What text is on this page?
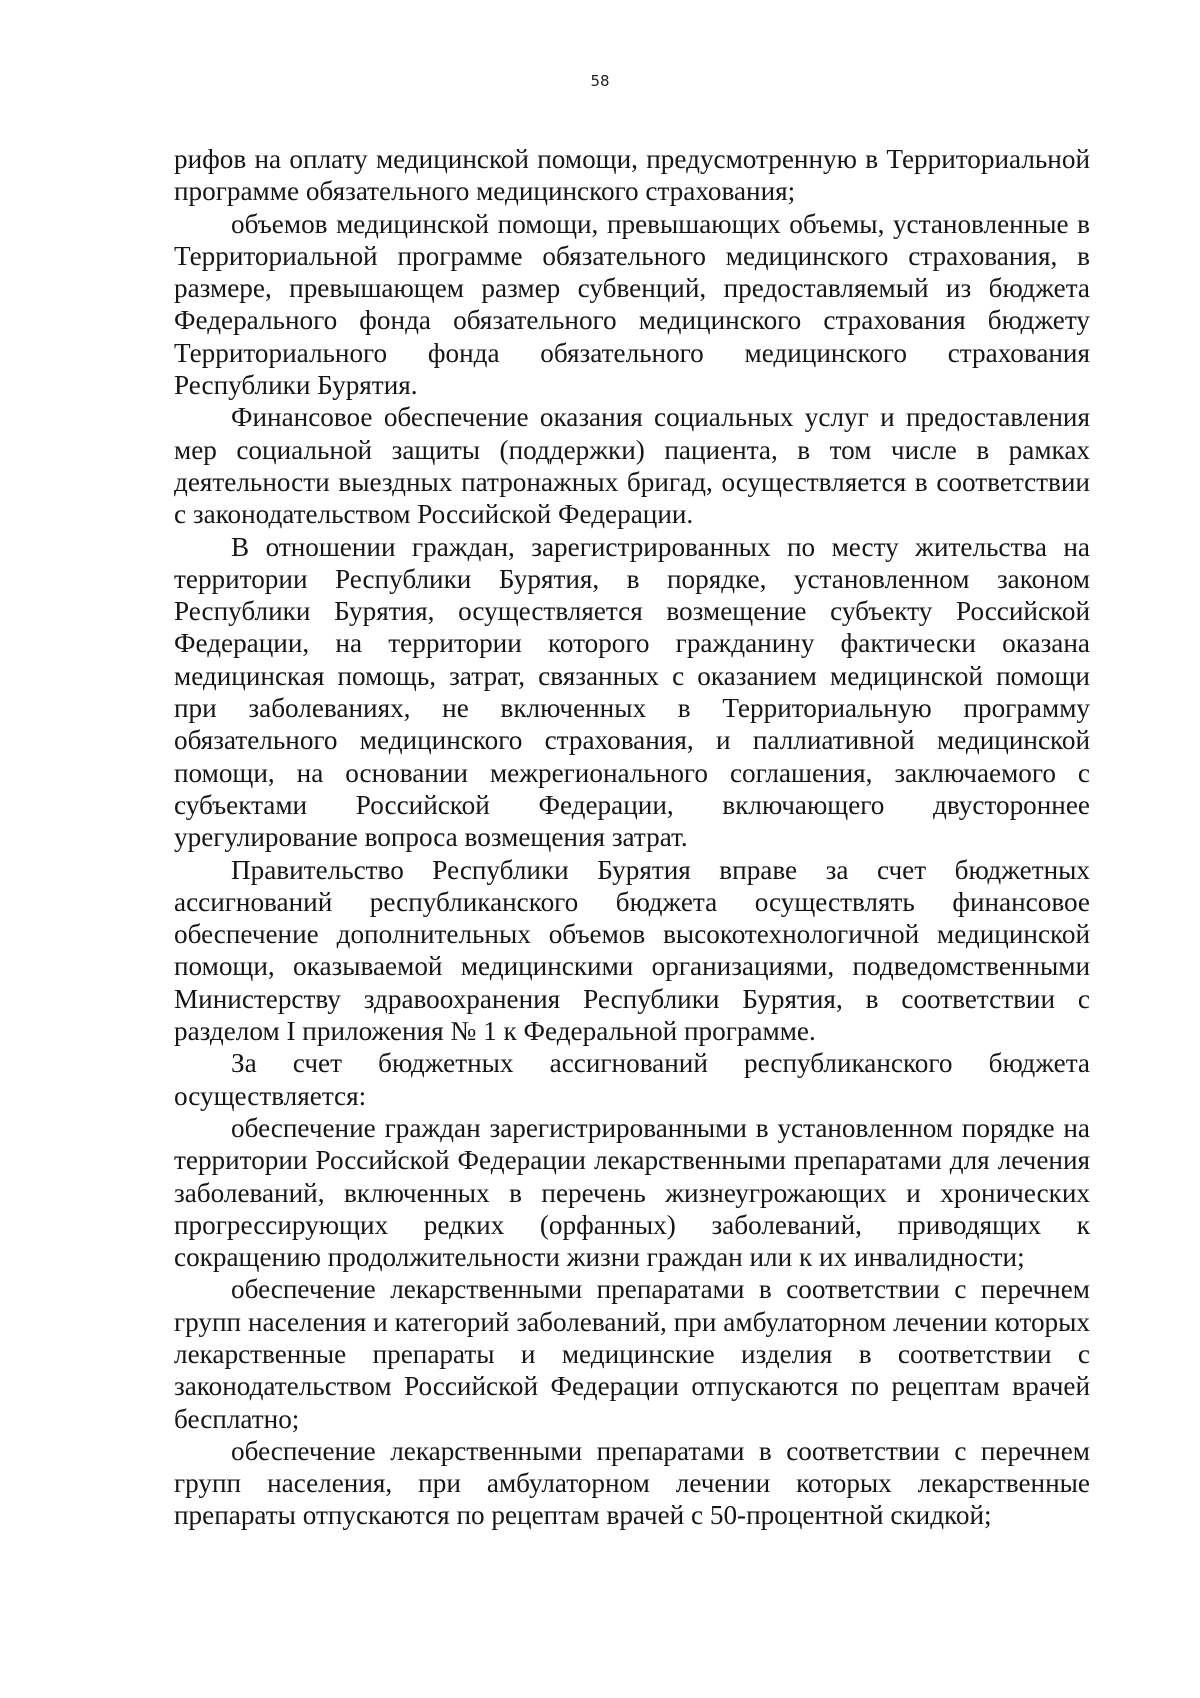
58

рифов на оплату медицинской помощи, предусмотренную в Территориальной программе обязательного медицинского страхования;

объемов медицинской помощи, превышающих объемы, установленные в Территориальной программе обязательного медицинского страхования, в размере, превышающем размер субвенций, предоставляемый из бюджета Федерального фонда обязательного медицинского страхования бюджету Территориального фонда обязательного медицинского страхования Республики Бурятия.

Финансовое обеспечение оказания социальных услуг и предоставления мер социальной защиты (поддержки) пациента, в том числе в рамках деятельности выездных патронажных бригад, осуществляется в соответствии с законодательством Российской Федерации.

В отношении граждан, зарегистрированных по месту жительства на территории Республики Бурятия, в порядке, установленном законом Республики Бурятия, осуществляется возмещение субъекту Российской Федерации, на территории которого гражданину фактически оказана медицинская помощь, затрат, связанных с оказанием медицинской помощи при заболеваниях, не включенных в Территориальную программу обязательного медицинского страхования, и паллиативной медицинской помощи, на основании межрегионального соглашения, заключаемого с субъектами Российской Федерации, включающего двустороннее урегулирование вопроса возмещения затрат.

Правительство Республики Бурятия вправе за счет бюджетных ассигнований республиканского бюджета осуществлять финансовое обеспечение дополнительных объемов высокотехнологичной медицинской помощи, оказываемой медицинскими организациями, подведомственными Министерству здравоохранения Республики Бурятия, в соответствии с разделом I приложения № 1 к Федеральной программе.

За счет бюджетных ассигнований республиканского бюджета осуществляется:

обеспечение граждан зарегистрированными в установленном порядке на территории Российской Федерации лекарственными препаратами для лечения заболеваний, включенных в перечень жизнеугрожающих и хронических прогрессирующих редких (орфанных) заболеваний, приводящих к сокращению продолжительности жизни граждан или к их инвалидности;

обеспечение лекарственными препаратами в соответствии с перечнем групп населения и категорий заболеваний, при амбулаторном лечении которых лекарственные препараты и медицинские изделия в соответствии с законодательством Российской Федерации отпускаются по рецептам врачей бесплатно;

обеспечение лекарственными препаратами в соответствии с перечнем групп населения, при амбулаторном лечении которых лекарственные препараты отпускаются по рецептам врачей с 50-процентной скидкой;
